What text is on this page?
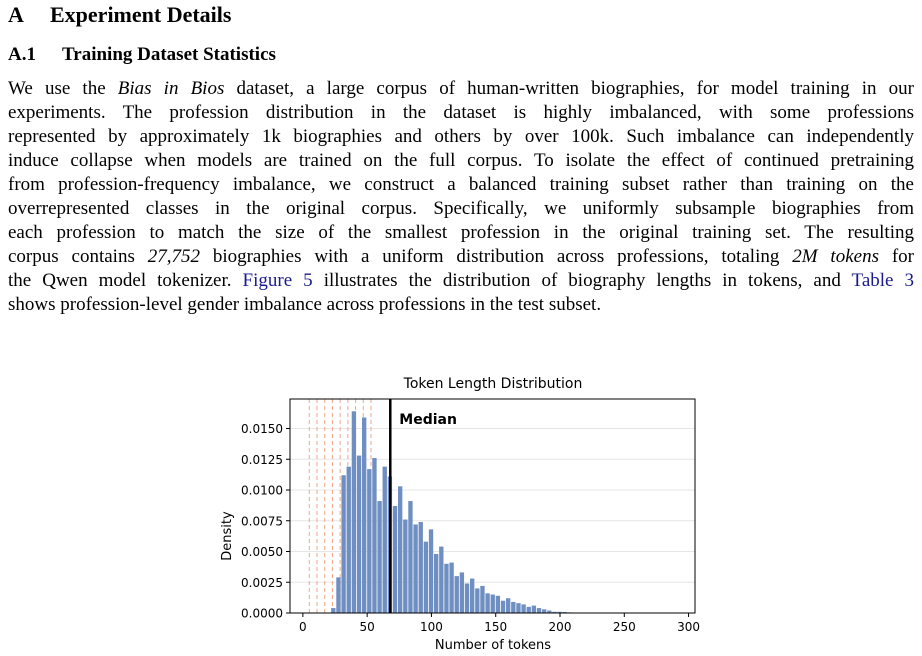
A Experiment Details
A.1 Training Dataset Statistics

We use the Bias in Bios dataset, a large corpus of human-written biographies, for model training in our
experiments. The profession distribution in the dataset is highly imbalanced, with some professions
represented by approximately 1k biographies and others by over 100k. Such imbalance can independently
induce collapse when models are trained on the full corpus. To isolate the effect of continued pretraining
from profession-frequency imbalance, we construct a balanced training subset rather than training on the
overrepresented classes in the original corpus. Specifically, we uniformly subsample biographies from
each profession to match the size of the smallest profession in the original training set. The resulting
corpus contains 27,752 biographies with a uniform distribution across professions, totaling 2M tokens for
the Qwen model tokenizer. Figure 5 illustrates the distribution of biography lengths in tokens, and Table 3
shows profession-level gender imbalance across professions in the test subset.

Median
0.0000
0.0025
0.0050
0.0075
0.0100
0.0125
0.0150
0	50	100	150	200	250	300
Token Length Distribution
Number of tokens
Density
